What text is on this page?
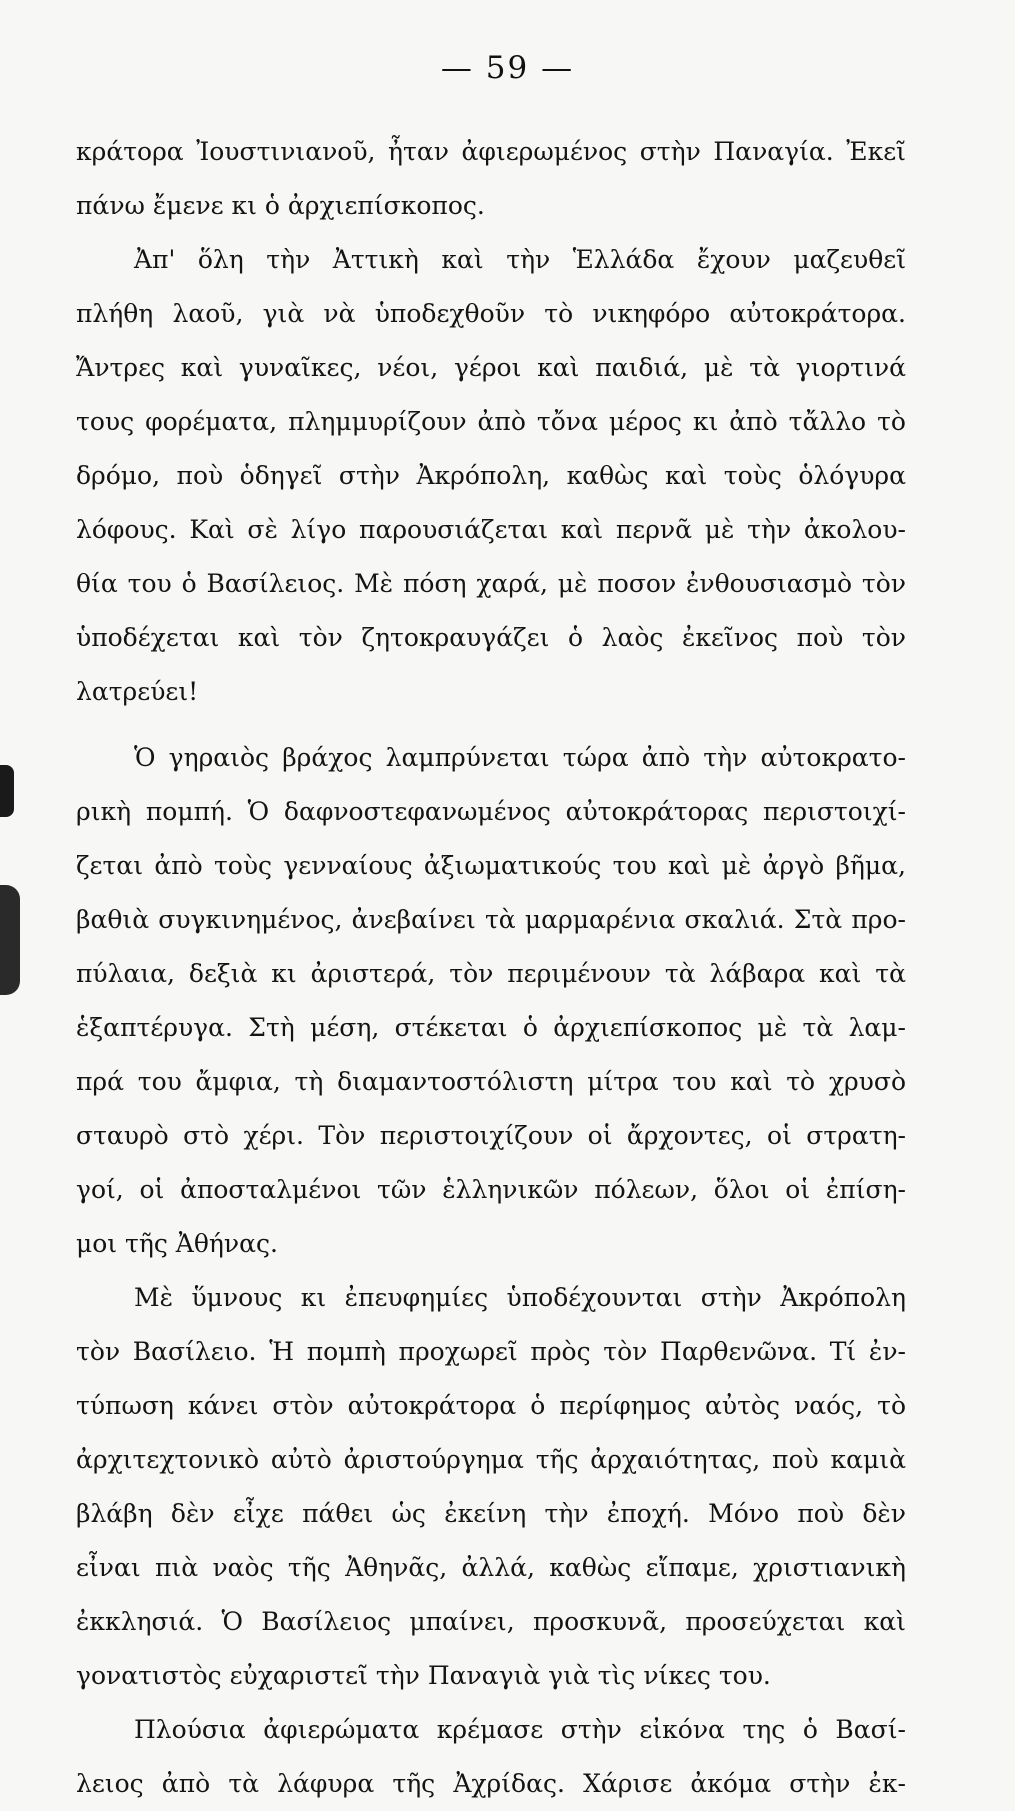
— 59 —
κράτορα Ἰουστινιανοῦ, ἦταν ἀφιερωμένος στὴν Παναγία. Ἐκεῖ
πάνω ἔμενε κι ὁ ἀρχιεπίσκοπος.
Ἀπ' ὅλη τὴν Ἀττικὴ καὶ τὴν Ἑλλάδα ἔχουν μαζευθεῖ
πλήθη λαοῦ, γιὰ νὰ ὑποδεχθοῦν τὸ νικηφόρο αὐτοκράτορα.
Ἄντρες καὶ γυναῖκες, νέοι, γέροι καὶ παιδιά, μὲ τὰ γιορτινά
τους φορέματα, πλημμυρίζουν ἀπὸ τὄνα μέρος κι ἀπὸ τἄλλο τὸ
δρόμο, ποὺ ὁδηγεῖ στὴν Ἀκρόπολη, καθὼς καὶ τοὺς ὁλόγυρα
λόφους. Καὶ σὲ λίγο παρουσιάζεται καὶ περνᾶ μὲ τὴν ἀκολου-
θία του ὁ Βασίλειος. Μὲ πόση χαρά, μὲ ποσον ἐνθουσιασμὸ τὸν
ὑποδέχεται καὶ τὸν ζητοκραυγάζει ὁ λαὸς ἐκεῖνος ποὺ τὸν
λατρεύει!
Ὁ γηραιὸς βράχος λαμπρύνεται τώρα ἀπὸ τὴν αὐτοκρατο-
ρικὴ πομπή. Ὁ δαφνοστεφανωμένος αὐτοκράτορας περιστοιχί-
ζεται ἀπὸ τοὺς γενναίους ἀξιωματικούς του καὶ μὲ ἀργὸ βῆμα,
βαθιὰ συγκινημένος, ἀνεβαίνει τὰ μαρμαρένια σκαλιά. Στὰ προ-
πύλαια, δεξιὰ κι ἀριστερά, τὸν περιμένουν τὰ λάβαρα καὶ τὰ
ἑξαπτέρυγα. Στὴ μέση, στέκεται ὁ ἀρχιεπίσκοπος μὲ τὰ λαμ-
πρά του ἄμφια, τὴ διαμαντοστόλιστη μίτρα του καὶ τὸ χρυσὸ
σταυρὸ στὸ χέρι. Τὸν περιστοιχίζουν οἱ ἄρχοντες, οἱ στρατη-
γοί, οἱ ἀποσταλμένοι τῶν ἑλληνικῶν πόλεων, ὅλοι οἱ ἐπίση-
μοι τῆς Ἀθήνας.
Μὲ ὕμνους κι ἐπευφημίες ὑποδέχουνται στὴν Ἀκρόπολη
τὸν Βασίλειο. Ἡ πομπὴ προχωρεῖ πρὸς τὸν Παρθενῶνα. Τί ἐν-
τύπωση κάνει στὸν αὐτοκράτορα ὁ περίφημος αὐτὸς ναός, τὸ
ἀρχιτεχτονικὸ αὐτὸ ἀριστούργημα τῆς ἀρχαιότητας, ποὺ καμιὰ
βλάβη δὲν εἶχε πάθει ὡς ἐκείνη τὴν ἐποχή. Μόνο ποὺ δὲν
εἶναι πιὰ ναὸς τῆς Ἀθηνᾶς, ἀλλά, καθὼς εἴπαμε, χριστιανικὴ
ἐκκλησιά. Ὁ Βασίλειος μπαίνει, προσκυνᾶ, προσεύχεται καὶ
γονατιστὸς εὐχαριστεῖ τὴν Παναγιὰ γιὰ τὶς νίκες του.
Πλούσια ἀφιερώματα κρέμασε στὴν εἰκόνα της ὁ Βασί-
λειος ἀπὸ τὰ λάφυρα τῆς Ἀχρίδας. Χάρισε ἀκόμα στὴν ἐκ-
